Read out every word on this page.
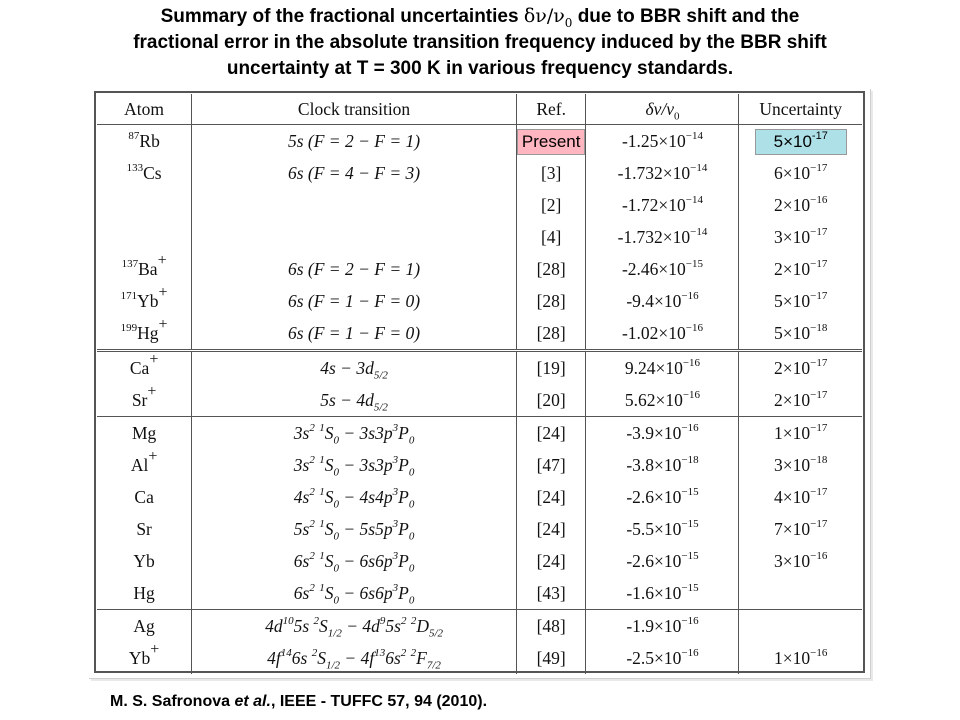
Summary of the fractional uncertainties $\delta\nu/\nu_0$ due to BBR shift and the
fractional error in the absolute transition frequency induced by the BBR shift
uncertainty at T = 300 K in various frequency standards.
Atom	Clock transition	Ref.	$\delta\nu/\nu_0$	Uncertainty
$^{87}$Rb	5s (F = 2 − F = 1)	Present	$-1.25\times 10^{-14}$	$5\times 10^{-17}$
$^{133}$Cs	6s (F = 4 − F = 3)	[3]	$-1.732\times 10^{-14}$	$6\times 10^{-17}$
		[2]	$-1.72\times 10^{-14}$	$2\times 10^{-16}$
		[4]	$-1.732\times 10^{-14}$	$3\times 10^{-17}$
$^{137}$Ba+	6s (F = 2 − F = 1)	[28]	$-2.46\times 10^{-15}$	$2\times 10^{-17}$
$^{171}$Yb+	6s (F = 1 − F = 0)	[28]	$-9.4\times 10^{-16}$	$5\times 10^{-17}$
$^{199}$Hg+	6s (F = 1 − F = 0)	[28]	$-1.02\times 10^{-16}$	$5\times 10^{-18}$
Ca+	$4s - 3d_{5/2}$	[19]	$9.24\times 10^{-16}$	$2\times 10^{-17}$
Sr+	$5s - 4d_{5/2}$	[20]	$5.62\times 10^{-16}$	$2\times 10^{-17}$
Mg	$3s^2$ $^1S_0 - 3s3p^3P_0$	[24]	$-3.9\times 10^{-16}$	$1\times 10^{-17}$
Al+	$3s^2$ $^1S_0 - 3s3p^3P_0$	[47]	$-3.8\times 10^{-18}$	$3\times 10^{-18}$
Ca	$4s^2$ $^1S_0 - 4s4p^3P_0$	[24]	$-2.6\times 10^{-15}$	$4\times 10^{-17}$
Sr	$5s^2$ $^1S_0 - 5s5p^3P_0$	[24]	$-5.5\times 10^{-15}$	$7\times 10^{-17}$
Yb	$6s^2$ $^1S_0 - 6s6p^3P_0$	[24]	$-2.6\times 10^{-15}$	$3\times 10^{-16}$
Hg	$6s^2$ $^1S_0 - 6s6p^3P_0$	[43]	$-1.6\times 10^{-15}$	
Ag	$4d^{10}5s$ $^2S_{1/2} - 4d^95s^2$ $^2D_{5/2}$	[48]	$-1.9\times 10^{-16}$	
Yb+	$4f^{14}6s$ $^2S_{1/2} - 4f^{13}6s^2$ $^2F_{7/2}$	[49]	$-2.5\times 10^{-16}$	$1\times 10^{-16}$
M. S. Safronova et al., IEEE - TUFFC 57, 94 (2010).
